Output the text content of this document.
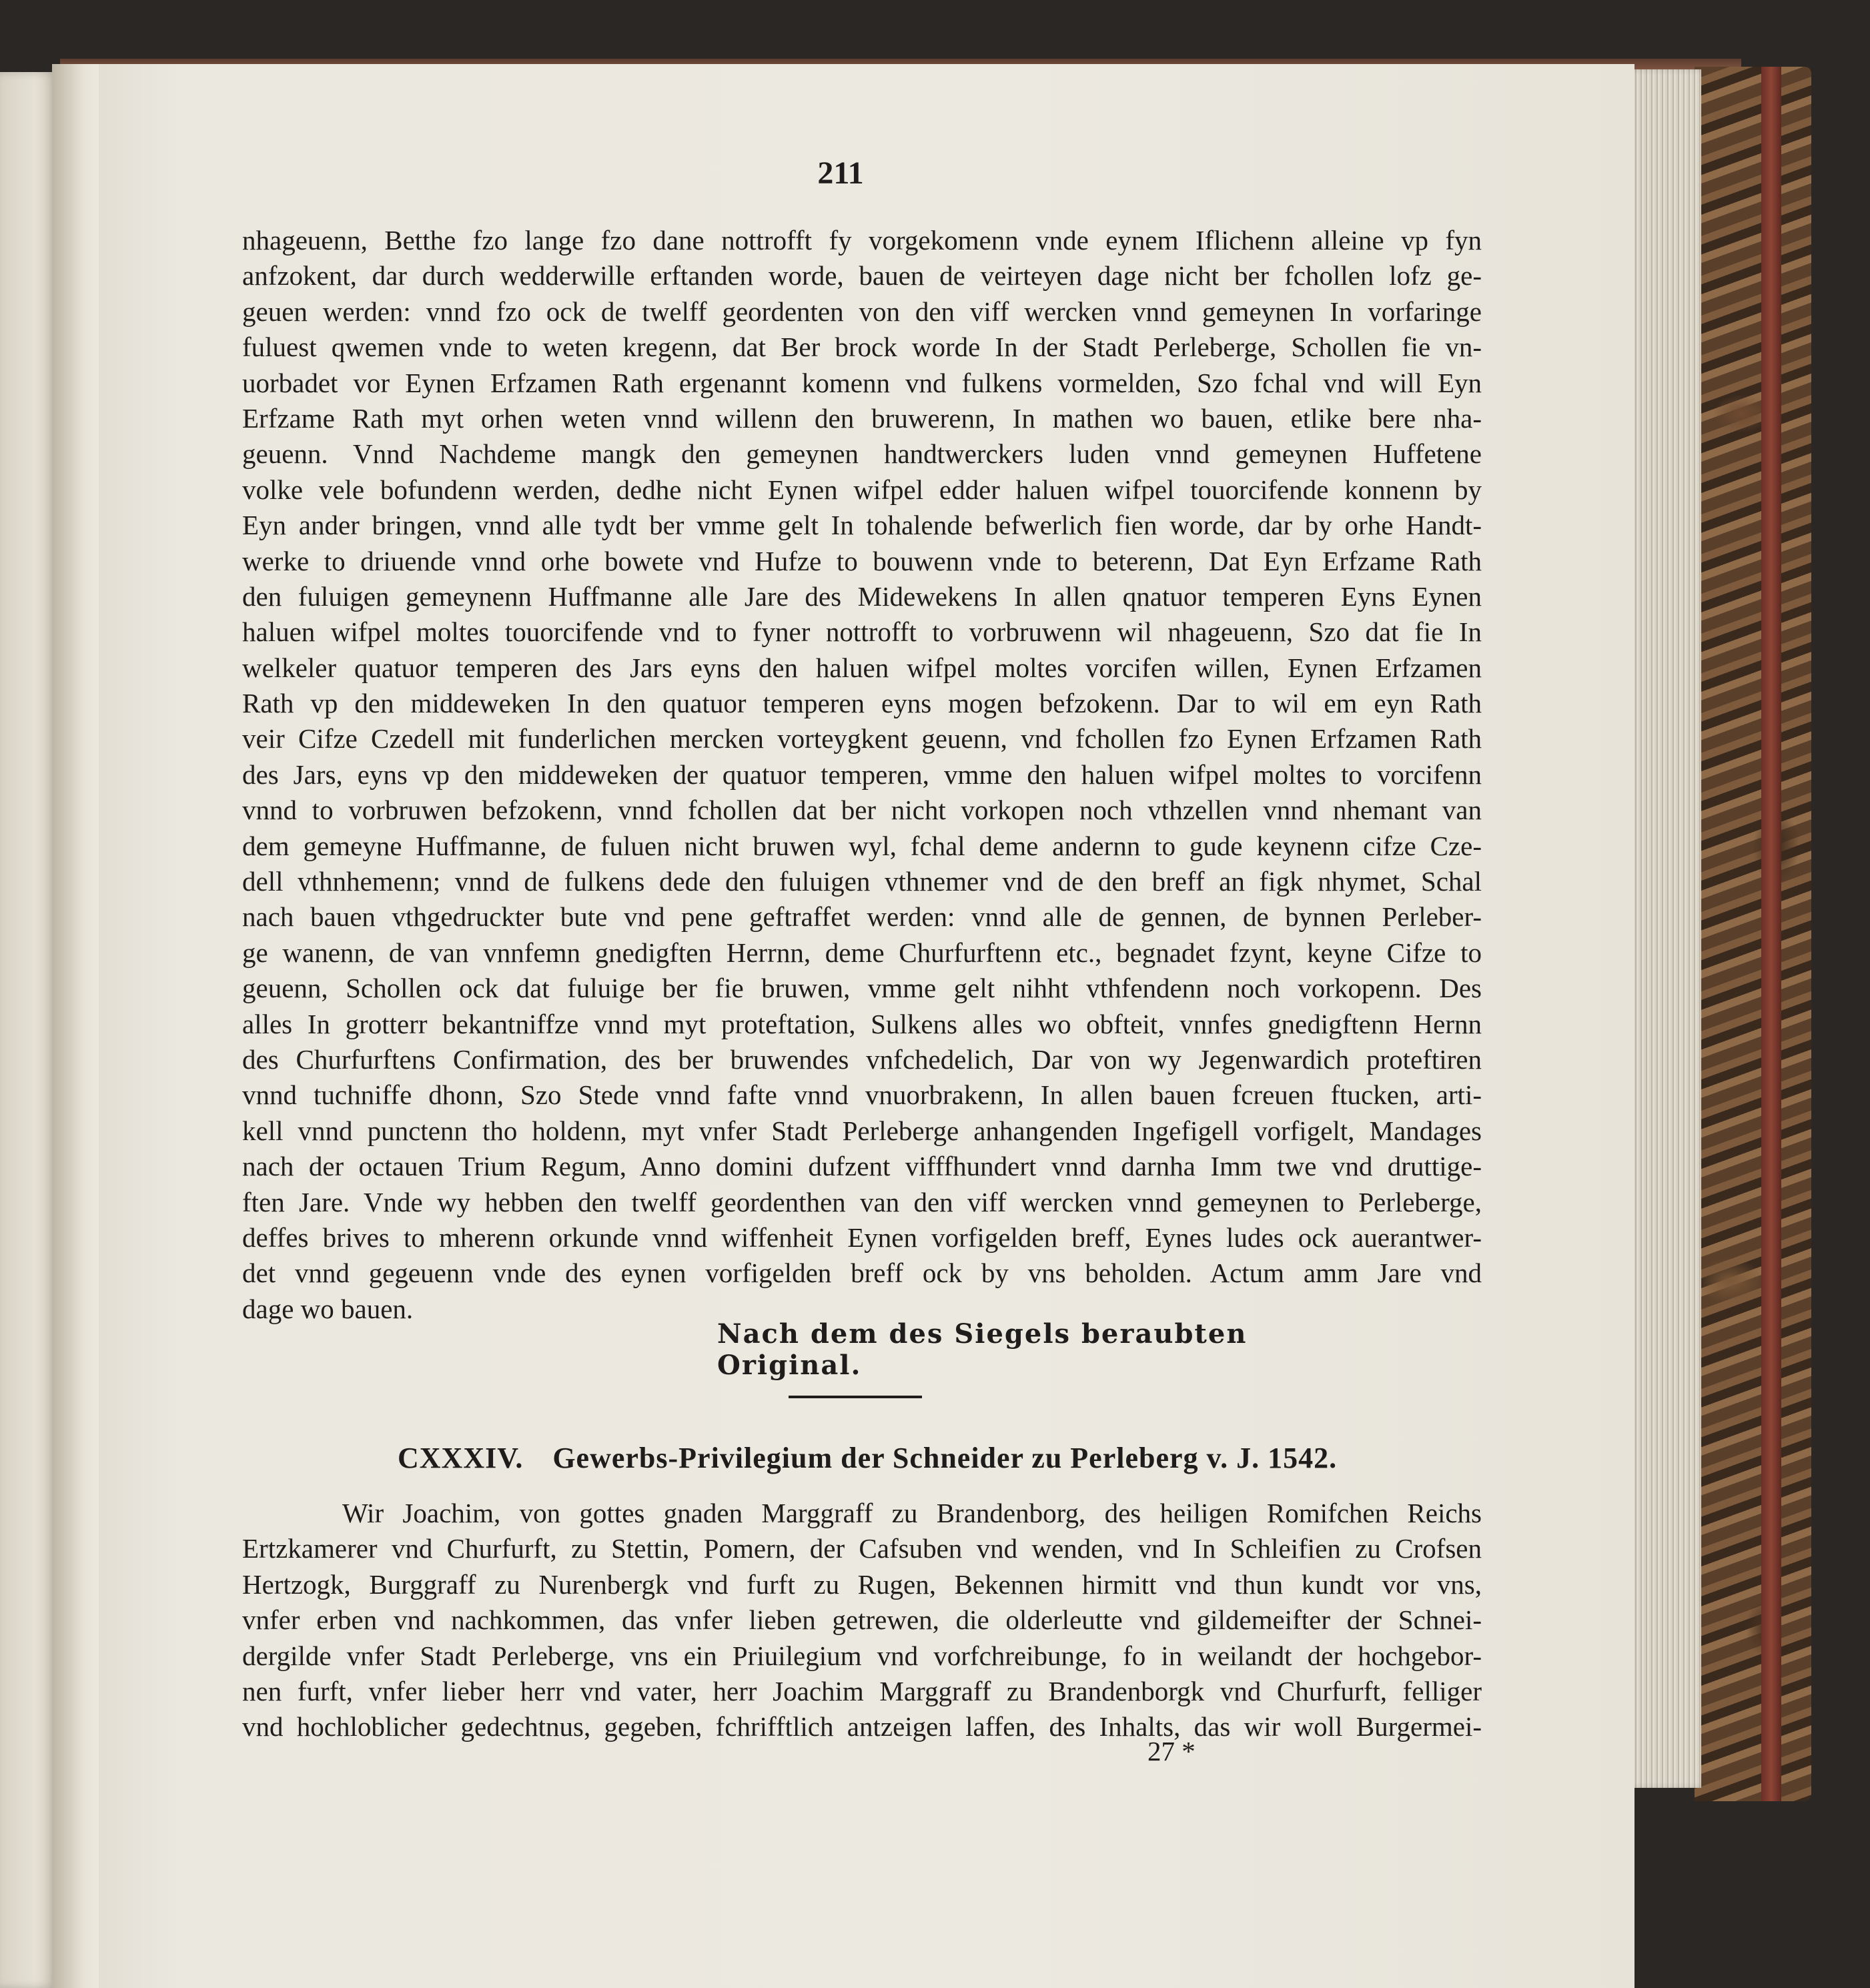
211
nhageuenn, Betthe fzo lange fzo dane nottrofft fy vorgekomenn vnde eynem Iflichenn alleine vp fyn
anfzokent, dar durch wedderwille erftanden worde, bauen de veirteyen dage nicht ber fchollen lofz ge-
geuen werden: vnnd fzo ock de twelff geordenten von den viff wercken vnnd gemeynen In vorfaringe
fuluest qwemen vnde to weten kregenn, dat Ber brock worde In der Stadt Perleberge, Schollen fie vn-
uorbadet vor Eynen Erfzamen Rath ergenannt komenn vnd fulkens vormelden, Szo fchal vnd will Eyn
Erfzame Rath myt orhen weten vnnd willenn den bruwerenn, In mathen wo bauen, etlike bere nha-
geuenn. Vnnd Nachdeme mangk den gemeynen handtwerckers luden vnnd gemeynen Huffetene
volke vele bofundenn werden, dedhe nicht Eynen wifpel edder haluen wifpel touorcifende konnenn by
Eyn ander bringen, vnnd alle tydt ber vmme gelt In tohalende befwerlich fien worde, dar by orhe Handt-
werke to driuende vnnd orhe bowete vnd Hufze to bouwenn vnde to beterenn, Dat Eyn Erfzame Rath
den fuluigen gemeynenn Huffmanne alle Jare des Midewekens In allen qnatuor temperen Eyns Eynen
haluen wifpel moltes touorcifende vnd to fyner nottrofft to vorbruwenn wil nhageuenn, Szo dat fie In
welkeler quatuor temperen des Jars eyns den haluen wifpel moltes vorcifen willen, Eynen Erfzamen
Rath vp den middeweken In den quatuor temperen eyns mogen befzokenn. Dar to wil em eyn Rath
veir Cifze Czedell mit funderlichen mercken vorteygkent geuenn, vnd fchollen fzo Eynen Erfzamen Rath
des Jars, eyns vp den middeweken der quatuor temperen, vmme den haluen wifpel moltes to vorcifenn
vnnd to vorbruwen befzokenn, vnnd fchollen dat ber nicht vorkopen noch vthzellen vnnd nhemant van
dem gemeyne Huffmanne, de fuluen nicht bruwen wyl, fchal deme andernn to gude keynenn cifze Cze-
dell vthnhemenn; vnnd de fulkens dede den fuluigen vthnemer vnd de den breff an figk nhymet, Schal
nach bauen vthgedruckter bute vnd pene geftraffet werden: vnnd alle de gennen, de bynnen Perleber-
ge wanenn, de van vnnfemn gnedigften Herrnn, deme Churfurftenn etc., begnadet fzynt, keyne Cifze to
geuenn, Schollen ock dat fuluige ber fie bruwen, vmme gelt nihht vthfendenn noch vorkopenn. Des
alles In grotterr bekantniffze vnnd myt proteftation, Sulkens alles wo obfteit, vnnfes gnedigftenn Hernn
des Churfurftens Confirmation, des ber bruwendes vnfchedelich, Dar von wy Jegenwardich proteftiren
vnnd tuchniffe dhonn, Szo Stede vnnd fafte vnnd vnuorbrakenn, In allen bauen fcreuen ftucken, arti-
kell vnnd punctenn tho holdenn, myt vnfer Stadt Perleberge anhangenden Ingefigell vorfigelt, Mandages
nach der octauen Trium Regum, Anno domini dufzent vifffhundert vnnd darnha Imm twe vnd druttige-
ften Jare. Vnde wy hebben den twelff geordenthen van den viff wercken vnnd gemeynen to Perleberge,
deffes brives to mherenn orkunde vnnd wiffenheit Eynen vorfigelden breff, Eynes ludes ock auerantwer-
det vnnd gegeuenn vnde des eynen vorfigelden breff ock by vns beholden. Actum amm Jare vnd
dage wo bauen.
Nach dem des Siegels beraubten Original.
CXXXIV. Gewerbs-Privilegium der Schneider zu Perleberg v. J. 1542.
Wir Joachim, von gottes gnaden Marggraff zu Brandenborg, des heiligen Romifchen Reichs
Ertzkamerer vnd Churfurft, zu Stettin, Pomern, der Cafsuben vnd wenden, vnd In Schleifien zu Crofsen
Hertzogk, Burggraff zu Nurenbergk vnd furft zu Rugen, Bekennen hirmitt vnd thun kundt vor vns,
vnfer erben vnd nachkommen, das vnfer lieben getrewen, die olderleutte vnd gildemeifter der Schnei-
dergilde vnfer Stadt Perleberge, vns ein Priuilegium vnd vorfchreibunge, fo in weilandt der hochgebor-
nen furft, vnfer lieber herr vnd vater, herr Joachim Marggraff zu Brandenborgk vnd Churfurft, felliger
vnd hochloblicher gedechtnus, gegeben, fchrifftlich antzeigen laffen, des Inhalts, das wir woll Burgermei-
27 *
